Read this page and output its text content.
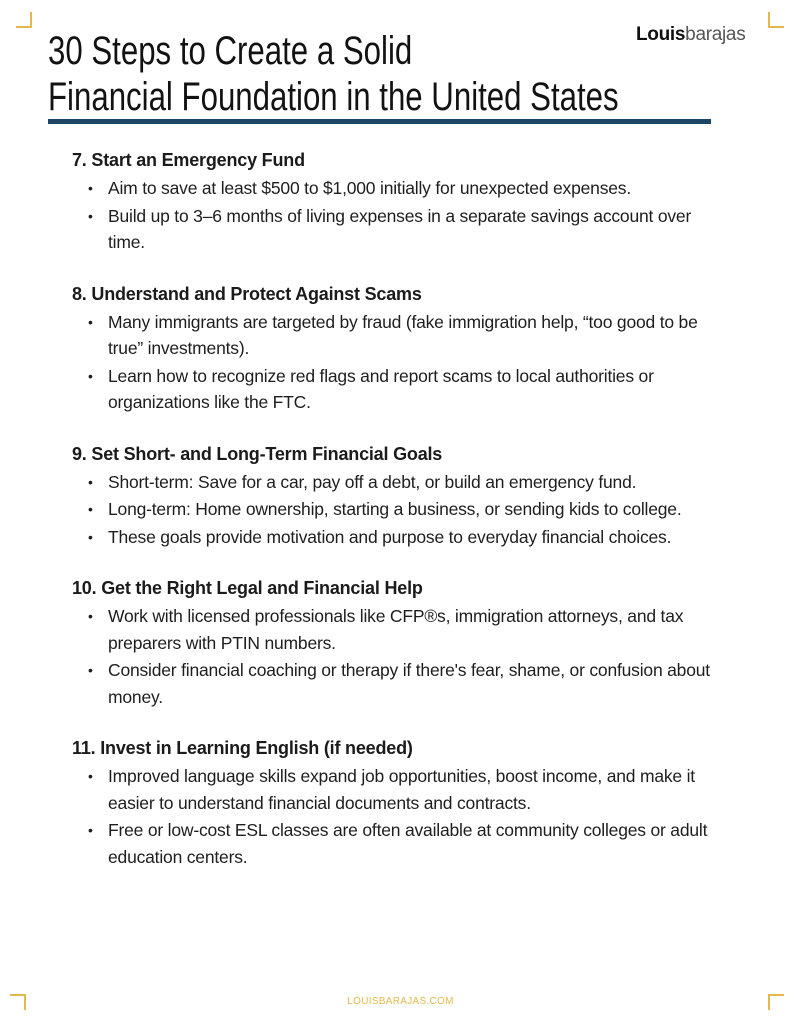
Louisbarajas
30 Steps to Create a Solid
Financial Foundation in the United States
7. Start an Emergency Fund
• Aim to save at least $500 to $1,000 initially for unexpected expenses.
• Build up to 3–6 months of living expenses in a separate savings account over time.
8. Understand and Protect Against Scams
• Many immigrants are targeted by fraud (fake immigration help, “too good to be true” investments).
• Learn how to recognize red flags and report scams to local authorities or organizations like the FTC.
9. Set Short- and Long-Term Financial Goals
• Short-term: Save for a car, pay off a debt, or build an emergency fund.
• Long-term: Home ownership, starting a business, or sending kids to college.
• These goals provide motivation and purpose to everyday financial choices.
10. Get the Right Legal and Financial Help
• Work with licensed professionals like CFP®s, immigration attorneys, and tax preparers with PTIN numbers.
• Consider financial coaching or therapy if there's fear, shame, or confusion about money.
11. Invest in Learning English (if needed)
• Improved language skills expand job opportunities, boost income, and make it easier to understand financial documents and contracts.
• Free or low-cost ESL classes are often available at community colleges or adult education centers.
LOUISBARAJAS.COM
